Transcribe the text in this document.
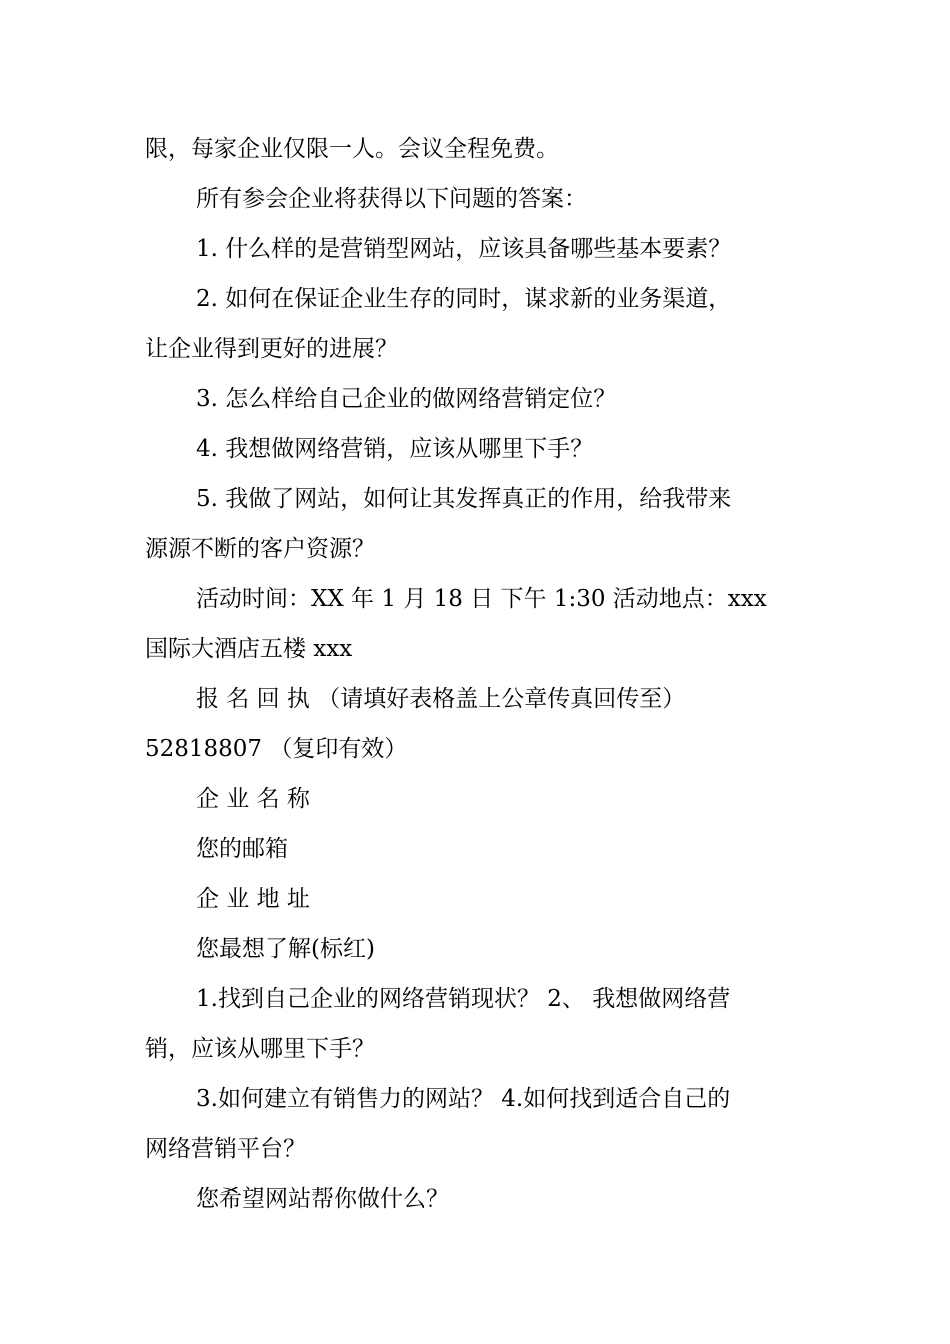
限，每家企业仅限一人。会议全程免费。

所有参会企业将获得以下问题的答案：

1. 什么样的是营销型网站，应该具备哪些基本要素？

2. 如何在保证企业生存的同时，谋求新的业务渠道，

让企业得到更好的进展？

3. 怎么样给自己企业的做网络营销定位？

4. 我想做网络营销，应该从哪里下手？

5. 我做了网站，如何让其发挥真正的作用，给我带来

源源不断的客户资源？

活动时间：XX 年 1 月 18 日 下午 1:30 活动地点：xxx

国际大酒店五楼 xxx

报 名 回 执 （请填好表格盖上公章传真回传至）

52818807 （复印有效）

企 业 名 称

您的邮箱

企 业 地 址

您最想了解(标红)

1.找到自己企业的网络营销现状？ 2、 我想做网络营

销，应该从哪里下手？

3.如何建立有销售力的网站？ 4.如何找到适合自己的

网络营销平台？

您希望网站帮你做什么？
